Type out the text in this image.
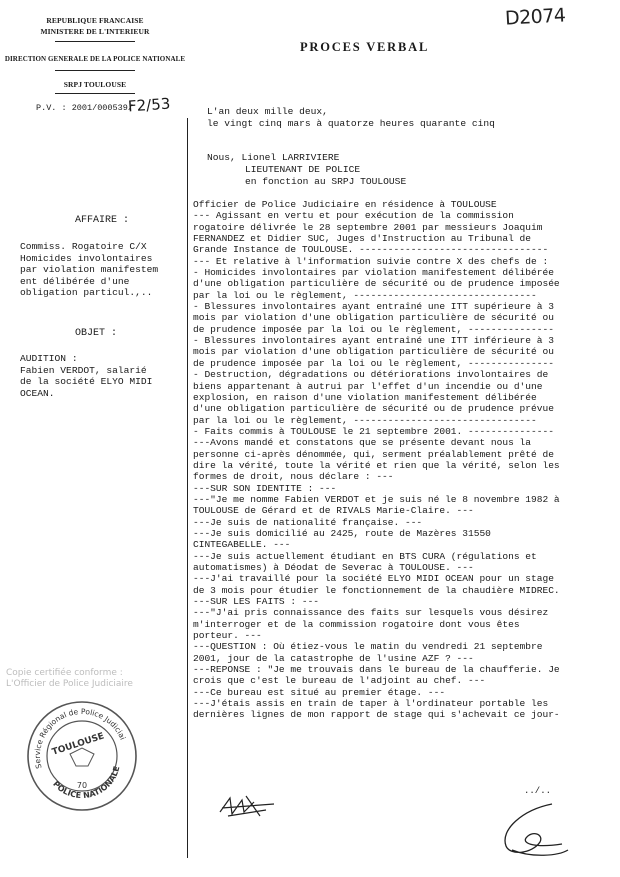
REPUBLIQUE FRANCAISE
MINISTERE DE L'INTERIEUR
DIRECTION GENERALE DE LA POLICE NATIONALE
SRPJ TOULOUSE
P.V. : 2001/000539/
F2/53
D2074
PROCES VERBAL
AFFAIRE :
Commiss. Rogatoire C/X
Homicides involontaires
par violation manifestem
ent délibérée d'une
obligation particul.,..
OBJET :
AUDITION :
Fabien VERDOT, salarié
de la société ELYO MIDI
OCEAN.
L'an deux mille deux,
le vingt cinq mars à quatorze heures quarante cinq
Nous, Lionel LARRIVIERE
LIEUTENANT DE POLICE
en fonction au SRPJ TOULOUSE
Officier de Police Judiciaire en résidence à TOULOUSE
--- Agissant en vertu et pour exécution de la commission
rogatoire délivrée le 28 septembre 2001 par messieurs Joaquim
FERNANDEZ et Didier SUC, Juges d'Instruction au Tribunal de
Grande Instance de TOULOUSE. ---------------------------------
--- Et relative à l'information suivie contre X des chefs de :
- Homicides involontaires par violation manifestement délibérée
d'une obligation particulière de sécurité ou de prudence imposée
par la loi ou le règlement, --------------------------------
- Blessures involontaires ayant entraîné une ITT supérieure à 3
mois par violation d'une obligation particulière de sécurité ou
de prudence imposée par la loi ou le règlement, ---------------
- Blessures involontaires ayant entraîné une ITT inférieure à 3
mois par violation d'une obligation particulière de sécurité ou
de prudence imposée par la loi ou le règlement, ---------------
- Destruction, dégradations ou détériorations involontaires de
biens appartenant à autrui par l'effet d'un incendie ou d'une
explosion, en raison d'une violation manifestement délibérée
d'une obligation particulière de sécurité ou de prudence prévue
par la loi ou le règlement, --------------------------------
- Faits commis à TOULOUSE le 21 septembre 2001. ---------------
---Avons mandé et constatons que se présente devant nous la
personne ci-après dénommée, qui, serment préalablement prêté de
dire la vérité, toute la vérité et rien que la vérité, selon les
formes de droit, nous déclare : ---
---SUR SON IDENTITE : ---
---"Je me nomme Fabien VERDOT et je suis né le 8 novembre 1982 à
TOULOUSE de Gérard et de RIVALS Marie-Claire. ---
---Je suis de nationalité française. ---
---Je suis domicilié au 2425, route de Mazères 31550
CINTEGABELLE. ---
---Je suis actuellement étudiant en BTS CURA (régulations et
automatismes) à Déodat de Severac à TOULOUSE. ---
---J'ai travaillé pour la société ELYO MIDI OCEAN pour un stage
de 3 mois pour étudier le fonctionnement de la chaudière MIDREC.
---SUR LES FAITS : ---
---"J'ai pris connaissance des faits sur lesquels vous désirez
m'interroger et de la commission rogatoire dont vous êtes
porteur. ---
---QUESTION : Où étiez-vous le matin du vendredi 21 septembre
2001, jour de la catastrophe de l'usine AZF ? ---
---REPONSE : "Je me trouvais dans le bureau de la chaufferie. Je
crois que c'est le bureau de l'adjoint au chef. ---
---Ce bureau est situé au premier étage. ---
---J'étais assis en train de taper à l'ordinateur portable les
dernières lignes de mon rapport de stage qui s'achevait ce jour-
../..
Copie certifiée conforme :
L'Officier de Police Judiciaire
Service Régional de Police Judiciaire
POLICE NATIONALE
TOULOUSE
70
